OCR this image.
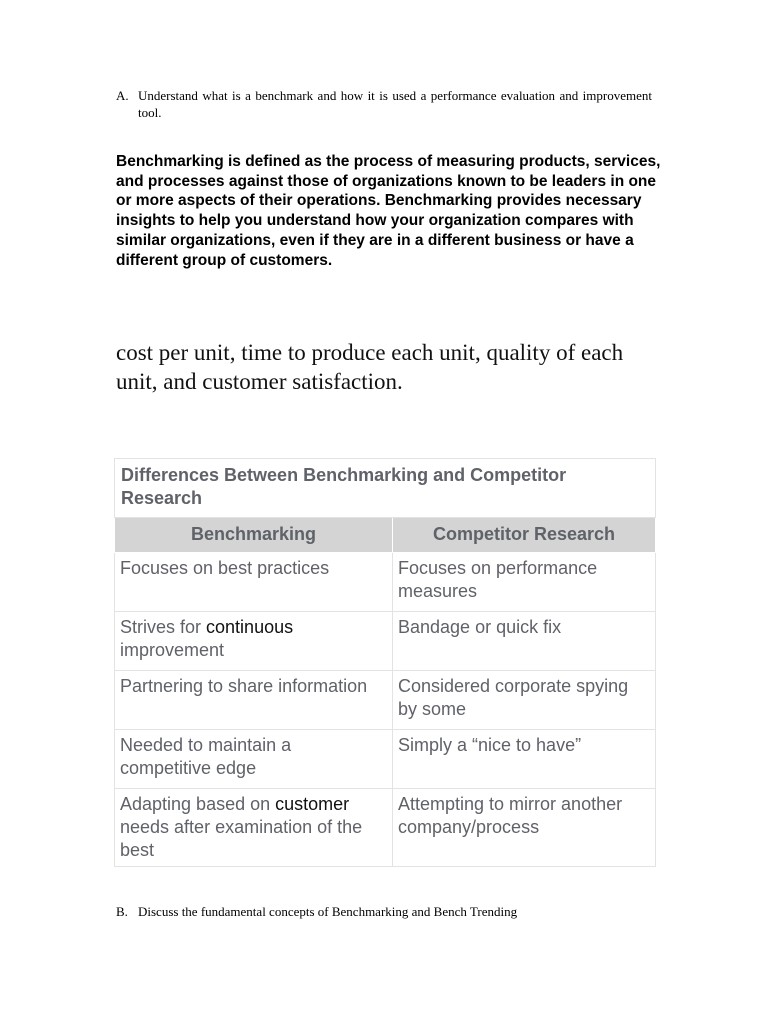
A. Understand what is a benchmark and how it is used a performance evaluation and improvement tool.

Benchmarking is defined as the process of measuring products, services, and processes against those of organizations known to be leaders in one or more aspects of their operations. Benchmarking provides necessary insights to help you understand how your organization compares with similar organizations, even if they are in a different business or have a different group of customers.

cost per unit, time to produce each unit, quality of each unit, and customer satisfaction.

Differences Between Benchmarking and Competitor Research	
Benchmarking	Competitor Research
Focuses on best practices	Focuses on performance measures
Strives for continuous improvement	Bandage or quick fix
Partnering to share information	Considered corporate spying by some
Needed to maintain a competitive edge	Simply a “nice to have”
Adapting based on customer needs after examination of the best	Attempting to mirror another company/process
B. Discuss the fundamental concepts of Benchmarking and Bench Trending
